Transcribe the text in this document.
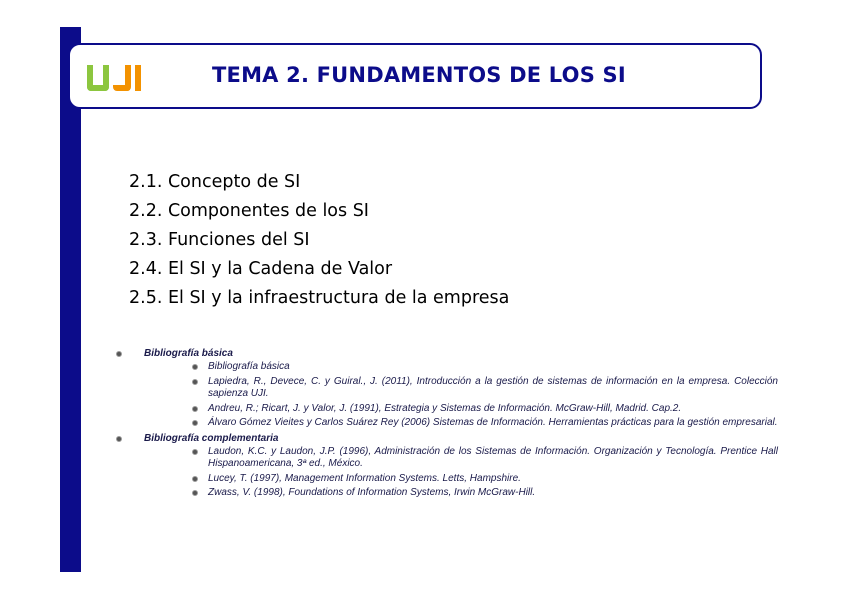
TEMA 2. FUNDAMENTOS DE LOS SI
2.1. Concepto de SI
2.2. Componentes de los SI
2.3. Funciones del SI
2.4. El SI y la Cadena de Valor
2.5. El SI y la infraestructura de la empresa
Bibliografía básica
Bibliografía básica
Lapiedra, R., Devece, C. y Guiral., J. (2011), Introducción a la gestión de sistemas de información en la empresa. Colección sapienza UJI.
Andreu, R.; Ricart, J. y Valor, J. (1991), Estrategia y Sistemas de Información. McGraw-Hill, Madrid. Cap.2.
Álvaro Gómez Vieites y Carlos Suárez Rey (2006) Sistemas de Información. Herramientas prácticas para la gestión empresarial.
Bibliografía complementaria
Laudon, K.C. y Laudon, J.P. (1996), Administración de los Sistemas de Información. Organización y Tecnología. Prentice Hall Hispanoamericana, 3ª ed., México.
Lucey, T. (1997), Management Information Systems. Letts, Hampshire.
Zwass, V. (1998), Foundations of Information Systems, Irwin McGraw-Hill.
